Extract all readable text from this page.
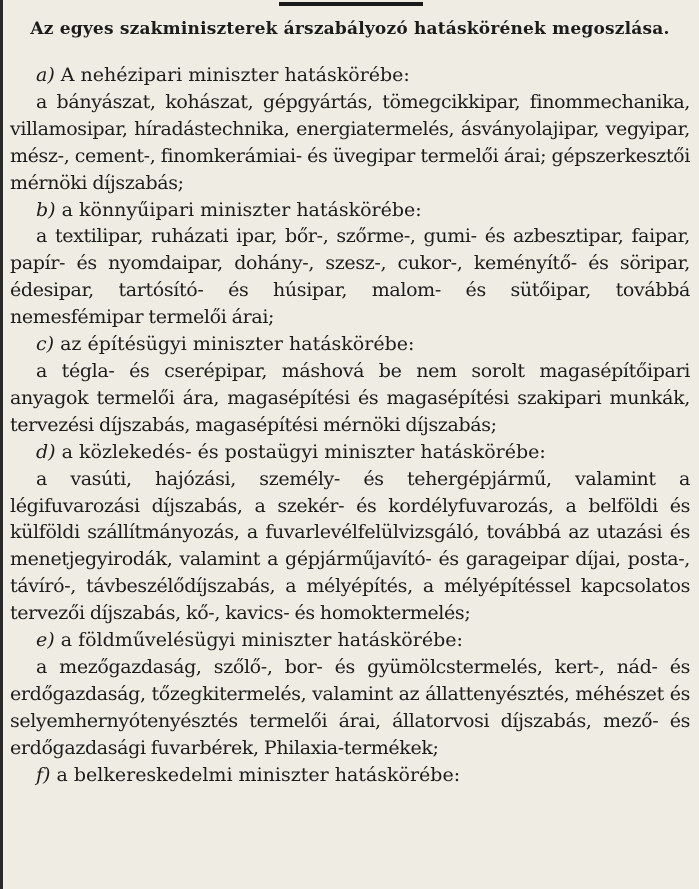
Az egyes szakminiszterek árszabályozó hatáskörének megoszlása.
a) A nehézipari miniszter hatáskörébe:
a bányászat, kohászat, gépgyártás, tömegcikkipar, finommechanika, villamosipar, híradástechnika, energiatermelés, ásványolajipar, vegyipar, mész-, cement-, finomkerámiai- és üvegipar termelői árai; gépszerkesztői mérnöki díjszabás;
b) a könnyűipari miniszter hatáskörébe:
a textilipar, ruházati ipar, bőr-, szőrme-, gumi- és azbesztipar, faipar, papír- és nyomdaipar, dohány-, szesz-, cukor-, keményítő- és söripar, édesipar, tartósító- és húsipar, malom- és sütőipar, továbbá nemesfémipar termelői árai;
c) az építésügyi miniszter hatáskörébe:
a tégla- és cserépipar, máshová be nem sorolt magasépítőipari anyagok termelői ára, magasépítési és magasépítési szakipari munkák, tervezési díjszabás, magasépítési mérnöki díjszabás;
d) a közlekedés- és postaügyi miniszter hatáskörébe:
a vasúti, hajózási, személy- és tehergépjármű, valamint a légifuvarozási díjszabás, a szekér- és kordélyfuvarozás, a belföldi és külföldi szállítmányozás, a fuvarlevélfelülvizsgáló, továbbá az utazási és menetjegyirodák, valamint a gépjárműjavító- és garageipar díjai, posta-, távíró-, távbeszélődíjszabás, a mélyépítés, a mélyépítéssel kapcsolatos tervezői díjszabás, kő-, kavics- és homoktermelés;
e) a földművelésügyi miniszter hatáskörébe:
a mezőgazdaság, szőlő-, bor- és gyümölcstermelés, kert-, nád- és erdőgazdaság, tőzegkitermelés, valamint az állattenyésztés, méhészet és selyemhernyótenyésztés termelői árai, állatorvosi díjszabás, mező- és erdőgazdasági fuvarbérek, Philaxia-termékek;
f) a belkereskedelmi miniszter hatáskörébe:
